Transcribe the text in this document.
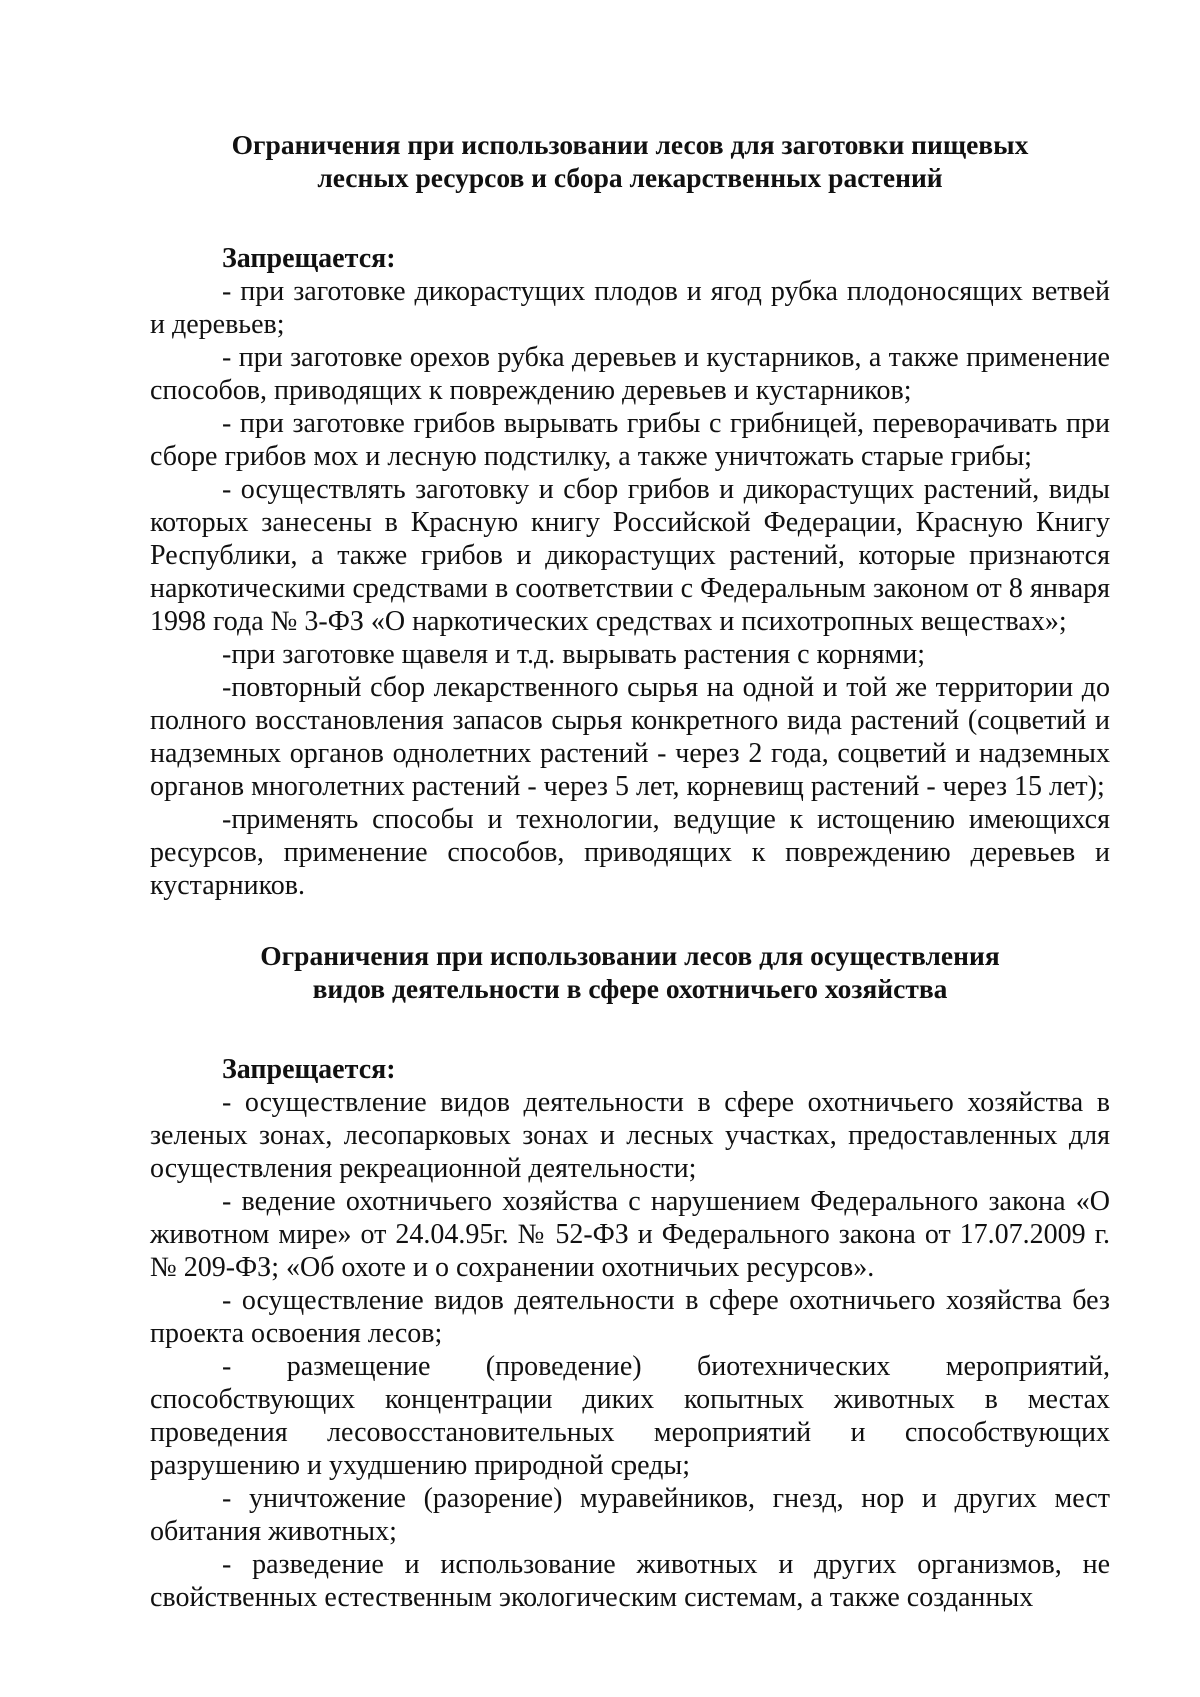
Ограничения при использовании лесов для заготовки пищевых
лесных ресурсов и сбора лекарственных растений

Запрещается:

- при заготовке дикорастущих плодов и ягод рубка плодоносящих ветвей и деревьев;

- при заготовке орехов рубка деревьев и кустарников, а также применение способов, приводящих к повреждению деревьев и кустарников;

- при заготовке грибов вырывать грибы с грибницей, переворачивать при сборе грибов мох и лесную подстилку, а также уничтожать старые грибы;

- осуществлять заготовку и сбор грибов и дикорастущих растений, виды которых занесены в Красную книгу Российской Федерации, Красную Книгу Республики, а также грибов и дикорастущих растений, которые признаются наркотическими средствами в соответствии с Федеральным законом от 8 января 1998 года № 3-ФЗ «О наркотических средствах и психотропных веществах»;

-при заготовке щавеля и т.д. вырывать растения с корнями;

-повторный сбор лекарственного сырья на одной и той же территории до полного восстановления запасов сырья конкретного вида растений (соцветий и надземных органов однолетних растений - через 2 года, соцветий и надземных органов многолетних растений - через 5 лет, корневищ растений - через 15 лет);

-применять способы и технологии, ведущие к истощению имеющихся ресурсов, применение способов, приводящих к повреждению деревьев и кустарников.

Ограничения при использовании лесов для осуществления
видов деятельности в сфере охотничьего хозяйства

Запрещается:

- осуществление видов деятельности в сфере охотничьего хозяйства в зеленых зонах, лесопарковых зонах и лесных участках, предоставленных для осуществления рекреационной деятельности;

- ведение охотничьего хозяйства с нарушением Федерального закона «О животном мире» от 24.04.95г. № 52-ФЗ и Федерального закона от 17.07.2009 г. № 209-ФЗ; «Об охоте и о сохранении охотничьих ресурсов».

- осуществление видов деятельности в сфере охотничьего хозяйства без проекта освоения лесов;

- размещение (проведение) биотехнических мероприятий, способствующих концентрации диких копытных животных в местах проведения лесовосстановительных мероприятий и способствующих разрушению и ухудшению природной среды;

- уничтожение (разорение) муравейников, гнезд, нор и других мест обитания животных;

- разведение и использование животных и других организмов, не свойственных естественным экологическим системам, а также созданных
